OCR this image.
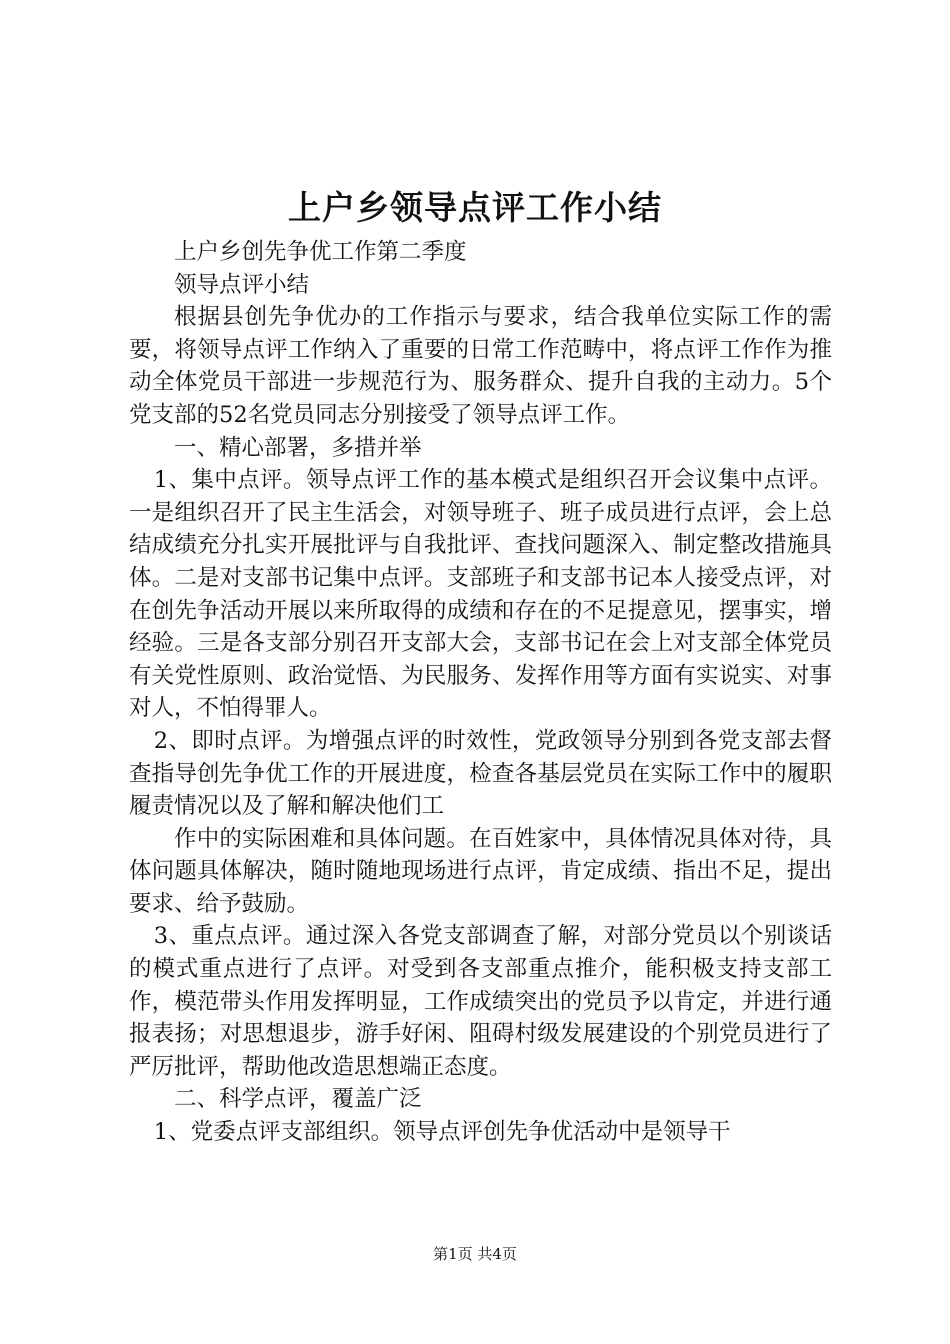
上户乡领导点评工作小结

上户乡创先争优工作第二季度

领导点评小结

根据县创先争优办的工作指示与要求，结合我单位实际工作的需要，将领导点评工作纳入了重要的日常工作范畴中，将点评工作作为推动全体党员干部进一步规范行为、服务群众、提升自我的主动力。5个党支部的52名党员同志分别接受了领导点评工作。

一、精心部署，多措并举

1、集中点评。领导点评工作的基本模式是组织召开会议集中点评。一是组织召开了民主生活会，对领导班子、班子成员进行点评，会上总结成绩充分扎实开展批评与自我批评、查找问题深入、制定整改措施具体。二是对支部书记集中点评。支部班子和支部书记本人接受点评，对在创先争活动开展以来所取得的成绩和存在的不足提意见，摆事实，增经验。三是各支部分别召开支部大会，支部书记在会上对支部全体党员有关党性原则、政治觉悟、为民服务、发挥作用等方面有实说实、对事对人，不怕得罪人。

2、即时点评。为增强点评的时效性，党政领导分别到各党支部去督查指导创先争优工作的开展进度，检查各基层党员在实际工作中的履职履责情况以及了解和解决他们工

作中的实际困难和具体问题。在百姓家中，具体情况具体对待，具体问题具体解决，随时随地现场进行点评，肯定成绩、指出不足，提出要求、给予鼓励。

3、重点点评。通过深入各党支部调查了解，对部分党员以个别谈话的模式重点进行了点评。对受到各支部重点推介，能积极支持支部工作，模范带头作用发挥明显，工作成绩突出的党员予以肯定，并进行通报表扬；对思想退步，游手好闲、阻碍村级发展建设的个别党员进行了严厉批评，帮助他改造思想端正态度。

二、科学点评，覆盖广泛

1、党委点评支部组织。领导点评创先争优活动中是领导干

第1页 共4页
